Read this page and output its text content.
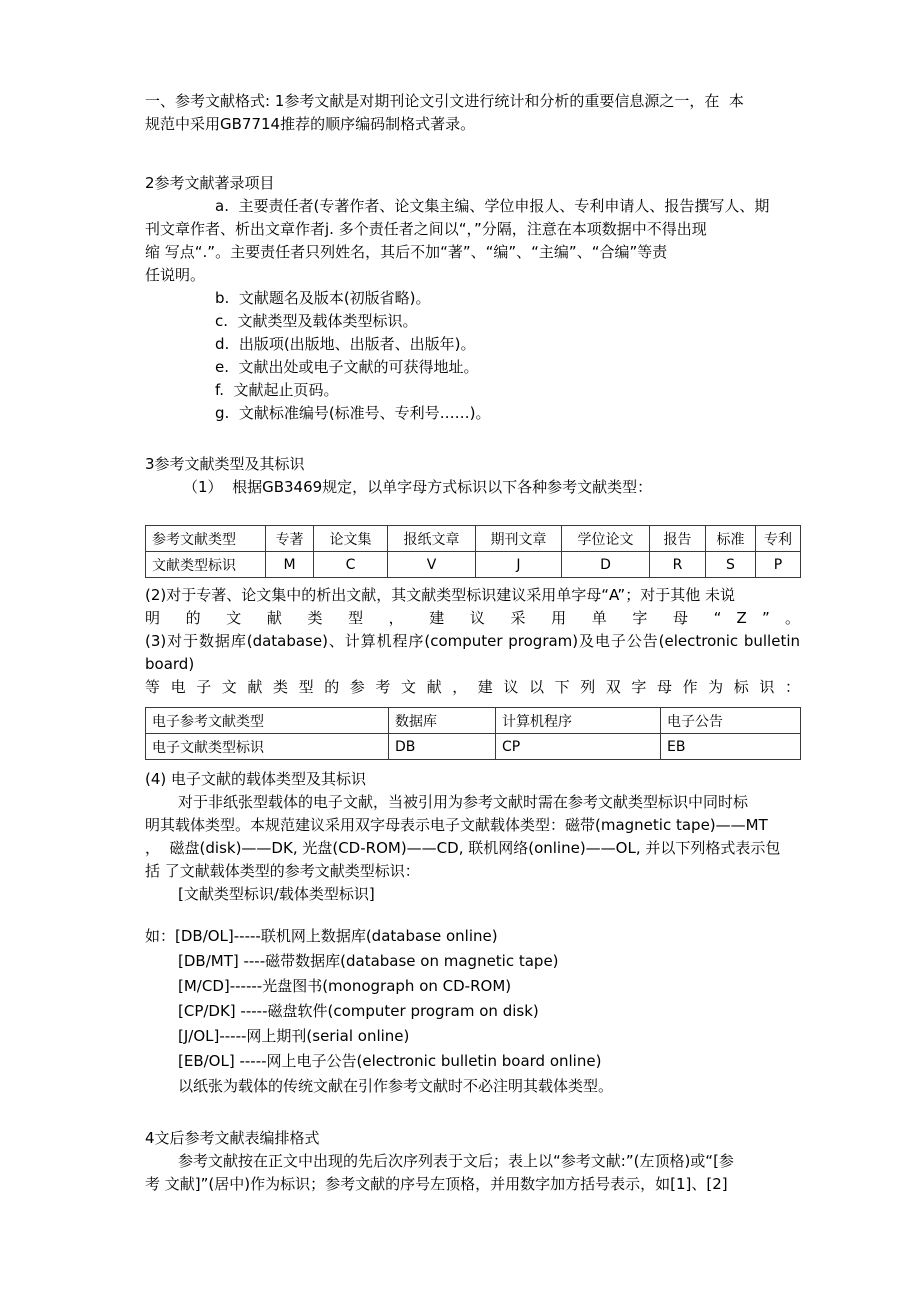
一、参考文献格式: 1参考文献是对期刊论文引文进行统计和分析的重要信息源之一，在  本
规范中采用GB7714推荐的顺序编码制格式著录。
2参考文献著录项目
a.  主要责任者(专著作者、论文集主编、学位申报人、专利申请人、报告撰写人、期
刊文章作者、析出文章作者j. 多个责任者之间以“，”分隔，注意在本项数据中不得出现
缩 写点“.”。主要责任者只列姓名，其后不加“著”、“编”、“主编”、“合编”等责
任说明。
b.  文献题名及版本(初版省略)。
c.  文献类型及载体类型标识。
d.  出版项(出版地、出版者、出版年)。
e.  文献出处或电子文献的可获得地址。
f.  文献起止页码。
g.  文献标准编号(标准号、专利号……)。
3参考文献类型及其标识
（1）  根据GB3469规定，以单字母方式标识以下各种参考文献类型：
参考文献类型	专著	论文集	报纸文章	期刊文章	学位论文	报告	标准	专利
文献类型标识	M	C	V	J	D	R	S	P
(2)对于专著、论文集中的析出文献，其文献类型标识建议采用单字母“A”；对于其他 未说
明 的 文 献 类 型 ， 建 议 采 用 单 字 母 “ Z ” 。
(3)对于数据库(database)、计算机程序(computer program)及电子公告(electronic bulletin board)
等 电 子 文 献 类 型 的 参 考 文 献 ， 建 议 以 下 列 双 字 母 作 为 标 识 ：
电子参考文献类型	数据库	计算机程序	电子公告
电子文献类型标识	DB	CP	EB
(4) 电子文献的载体类型及其标识
对于非纸张型载体的电子文献，当被引用为参考文献时需在参考文献类型标识中同时标
明其载体类型。本规范建议采用双字母表示电子文献载体类型：磁带(magnetic tape)——MT
，  磁盘(disk)——DK, 光盘(CD-ROM)——CD, 联机网络(online)——OL, 并以下列格式表示包
括 了文献载体类型的参考文献类型标识：
[文献类型标识/载体类型标识]
如：[DB/OL]-----联机网上数据库(database online)
[DB/MT] ----磁带数据库(database on magnetic tape)
[M/CD]------光盘图书(monograph on CD-ROM)
[CP/DK] -----磁盘软件(computer program on disk)
[J/OL]-----网上期刊(serial online)
[EB/OL] -----网上电子公告(electronic bulletin board online)
以纸张为载体的传统文献在引作参考文献时不必注明其载体类型。
4文后参考文献表编排格式
参考文献按在正文中出现的先后次序列表于文后；表上以“参考文献:”(左顶格)或“[参
考 文献]”(居中)作为标识；参考文献的序号左顶格，并用数字加方括号表示，如[1]、[2]
